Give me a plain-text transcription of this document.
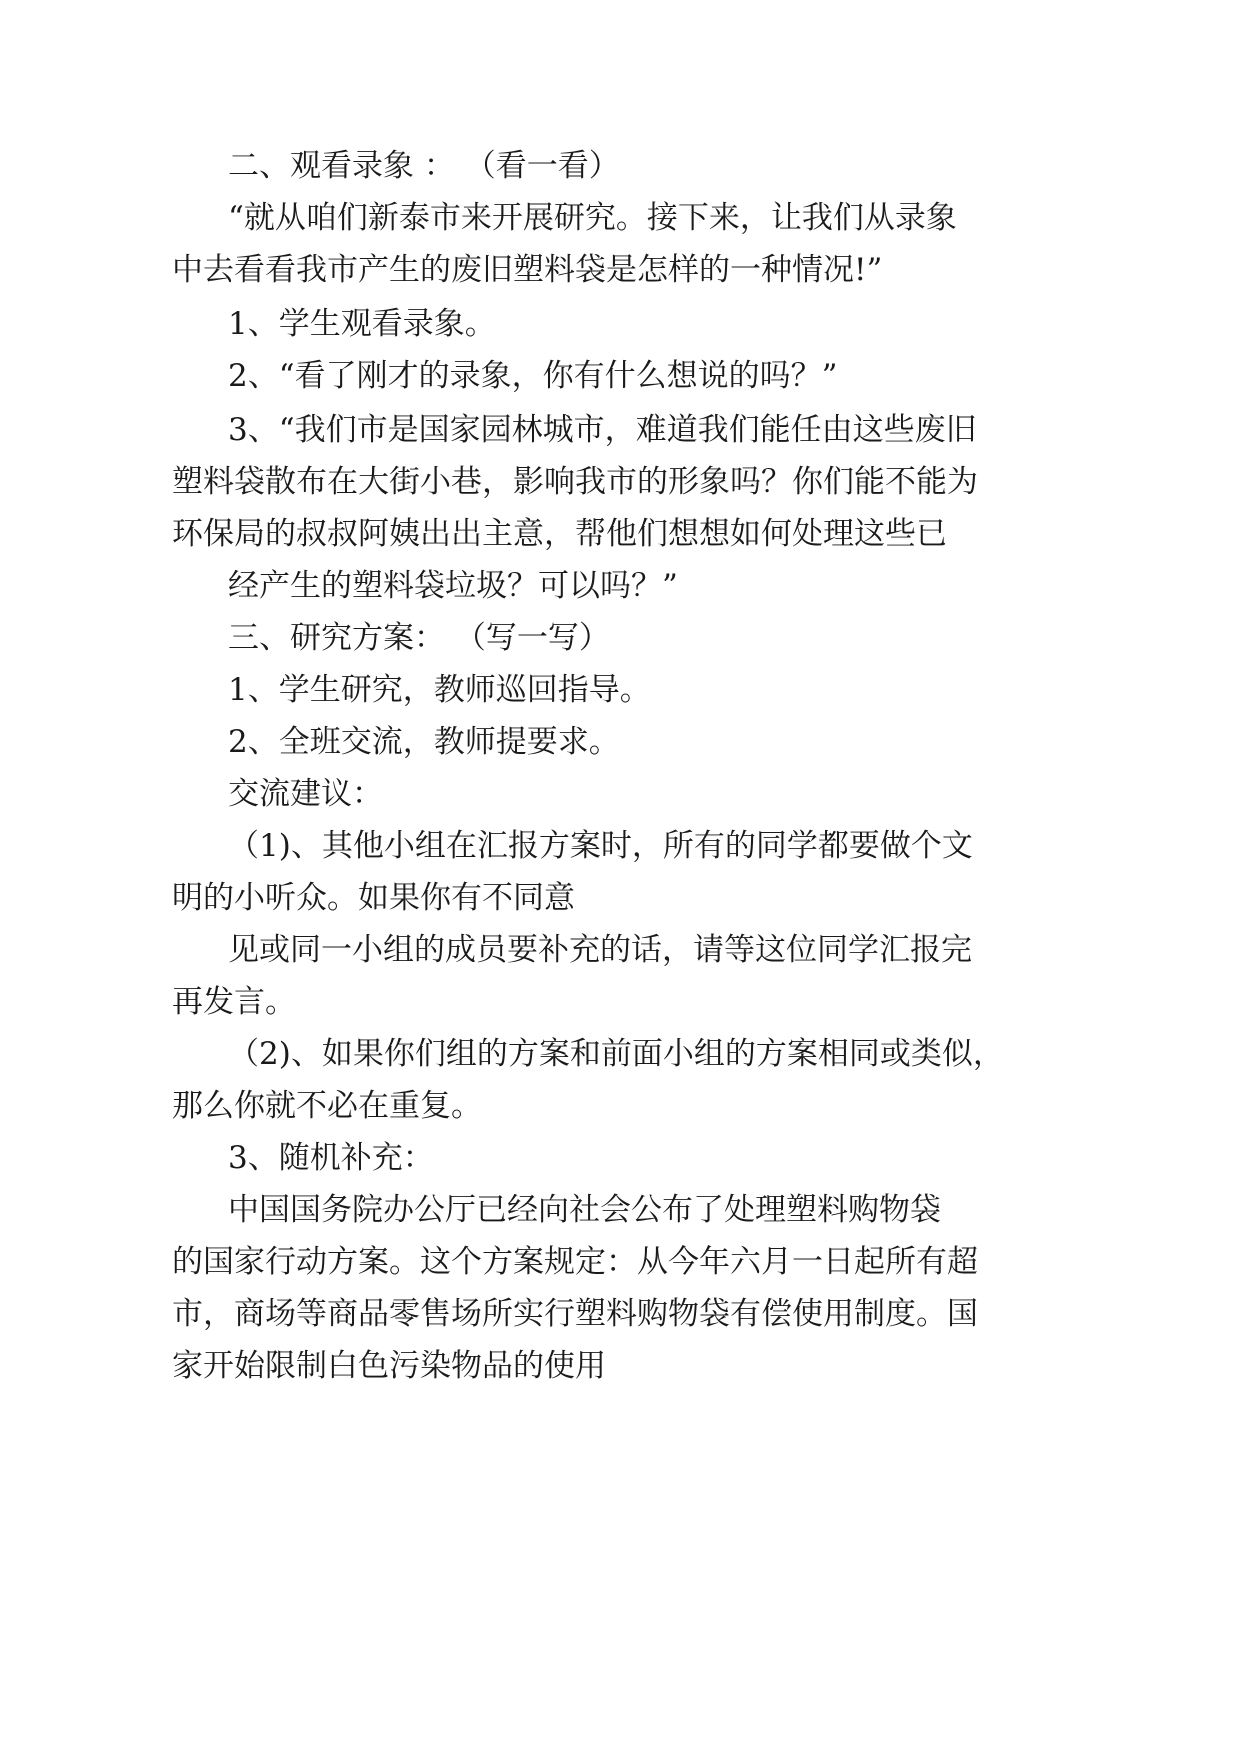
二、观看录象 ： （看一看）
“就从咱们新泰市来开展研究。接下来，让我们从录象
中去看看我市产生的废旧塑料袋是怎样的一种情况!”
1、学生观看录象。
2、“看了刚才的录象，你有什么想说的吗？”
3、“我们市是国家园林城市，难道我们能任由这些废旧
塑料袋散布在大街小巷，影响我市的形象吗？你们能不能为
环保局的叔叔阿姨出出主意，帮他们想想如何处理这些已
经产生的塑料袋垃圾？可以吗？”
三、研究方案： （写一写）
1、学生研究，教师巡回指导。
2、全班交流，教师提要求。
交流建议：
（1)、其他小组在汇报方案时，所有的同学都要做个文
明的小听众。如果你有不同意
见或同一小组的成员要补充的话，请等这位同学汇报完
再发言。
（2)、如果你们组的方案和前面小组的方案相同或类似，
那么你就不必在重复。
3、随机补充：
中国国务院办公厅已经向社会公布了处理塑料购物袋
的国家行动方案。这个方案规定：从今年六月一日起所有超
市，商场等商品零售场所实行塑料购物袋有偿使用制度。国
家开始限制白色污染物品的使用
